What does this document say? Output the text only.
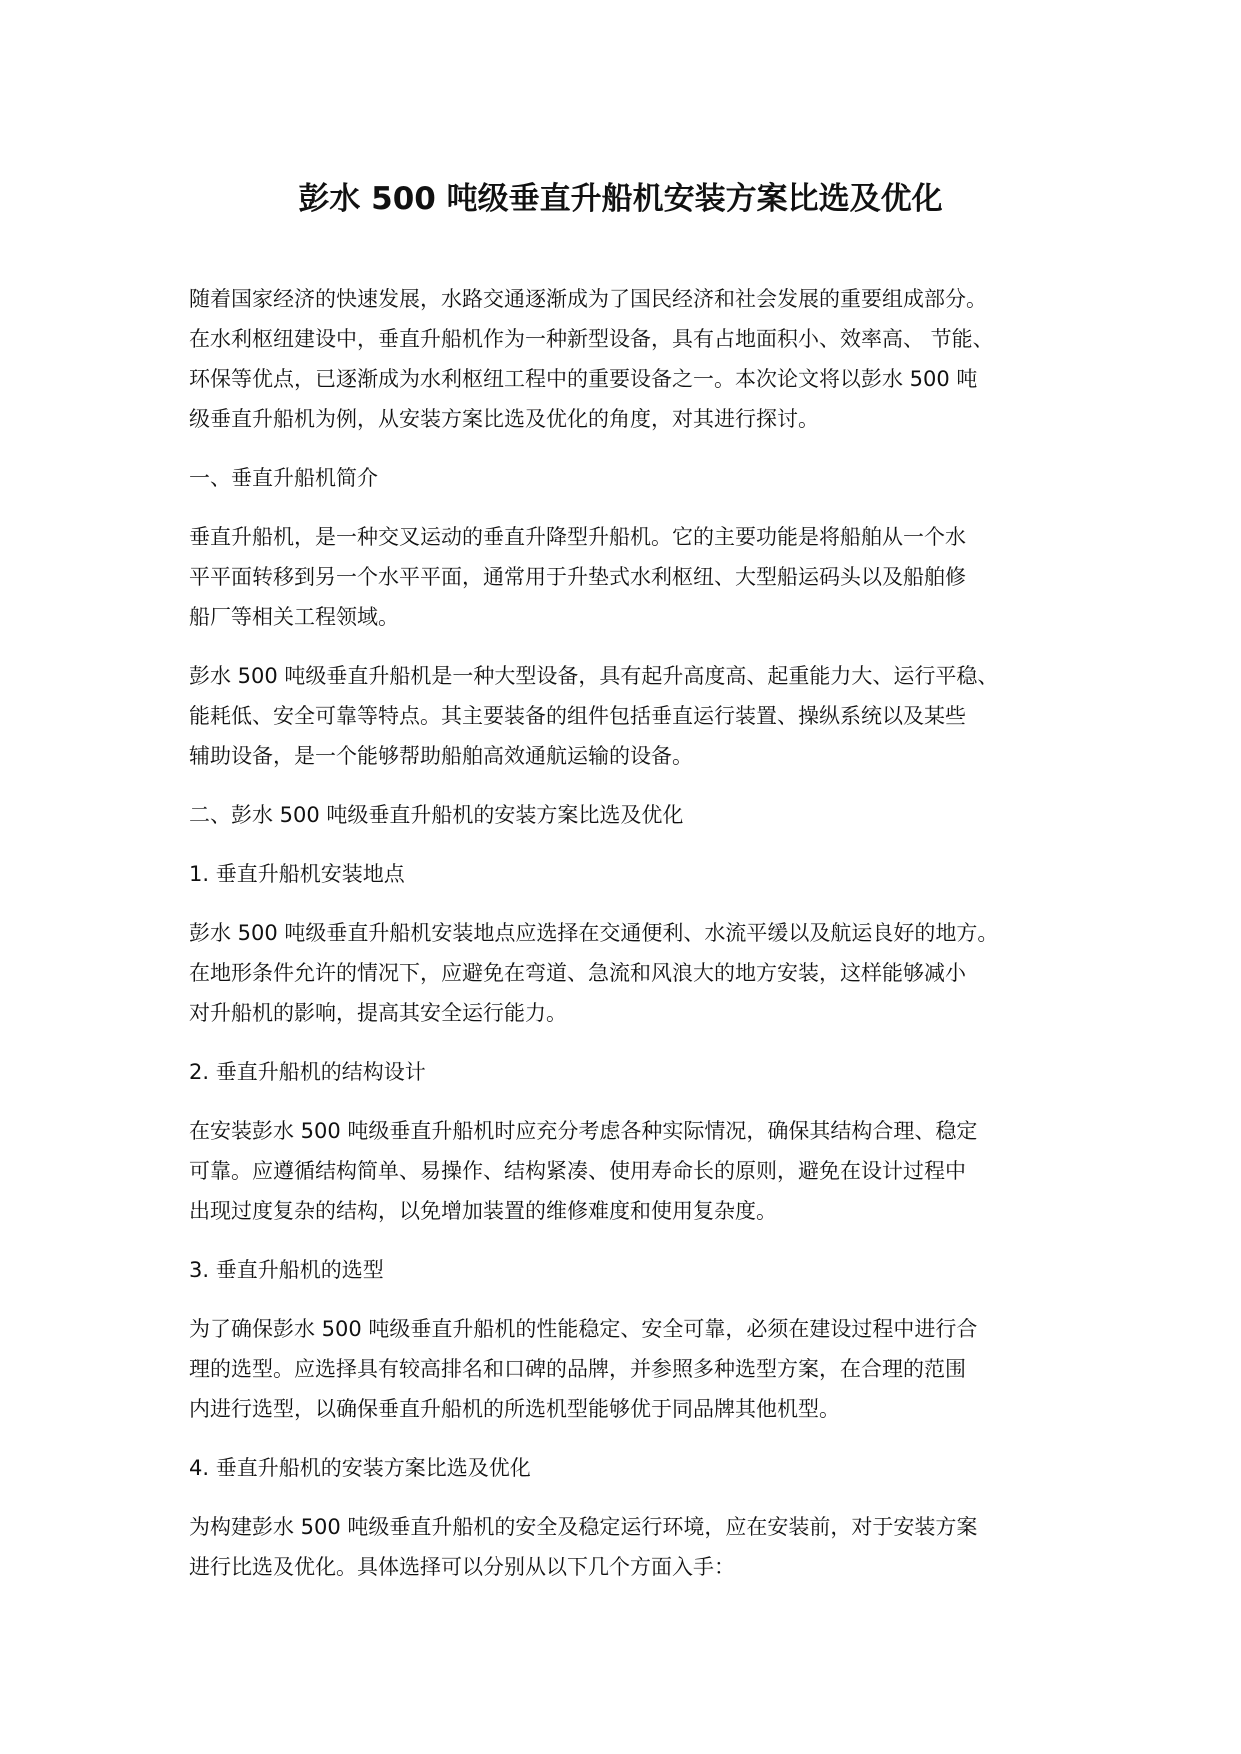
彭水 500 吨级垂直升船机安装方案比选及优化

随着国家经济的快速发展，水路交通逐渐成为了国民经济和社会发展的重要组成部分。
在水利枢纽建设中，垂直升船机作为一种新型设备，具有占地面积小、效率高、 节能、
环保等优点，已逐渐成为水利枢纽工程中的重要设备之一。本次论文将以彭水 500 吨
级垂直升船机为例，从安装方案比选及优化的角度，对其进行探讨。

一、垂直升船机简介

垂直升船机，是一种交叉运动的垂直升降型升船机。它的主要功能是将船舶从一个水
平平面转移到另一个水平平面，通常用于升垫式水利枢纽、大型船运码头以及船舶修
船厂等相关工程领域。

彭水 500 吨级垂直升船机是一种大型设备，具有起升高度高、起重能力大、运行平稳、
能耗低、安全可靠等特点。其主要装备的组件包括垂直运行装置、操纵系统以及某些
辅助设备，是一个能够帮助船舶高效通航运输的设备。

二、彭水 500 吨级垂直升船机的安装方案比选及优化

1. 垂直升船机安装地点

彭水 500 吨级垂直升船机安装地点应选择在交通便利、水流平缓以及航运良好的地方。
在地形条件允许的情况下，应避免在弯道、急流和风浪大的地方安装，这样能够减小
对升船机的影响，提高其安全运行能力。

2. 垂直升船机的结构设计

在安装彭水 500 吨级垂直升船机时应充分考虑各种实际情况，确保其结构合理、稳定
可靠。应遵循结构简单、易操作、结构紧凑、使用寿命长的原则，避免在设计过程中
出现过度复杂的结构，以免增加装置的维修难度和使用复杂度。

3. 垂直升船机的选型

为了确保彭水 500 吨级垂直升船机的性能稳定、安全可靠，必须在建设过程中进行合
理的选型。应选择具有较高排名和口碑的品牌，并参照多种选型方案，在合理的范围
内进行选型，以确保垂直升船机的所选机型能够优于同品牌其他机型。

4. 垂直升船机的安装方案比选及优化

为构建彭水 500 吨级垂直升船机的安全及稳定运行环境，应在安装前，对于安装方案
进行比选及优化。具体选择可以分别从以下几个方面入手：
